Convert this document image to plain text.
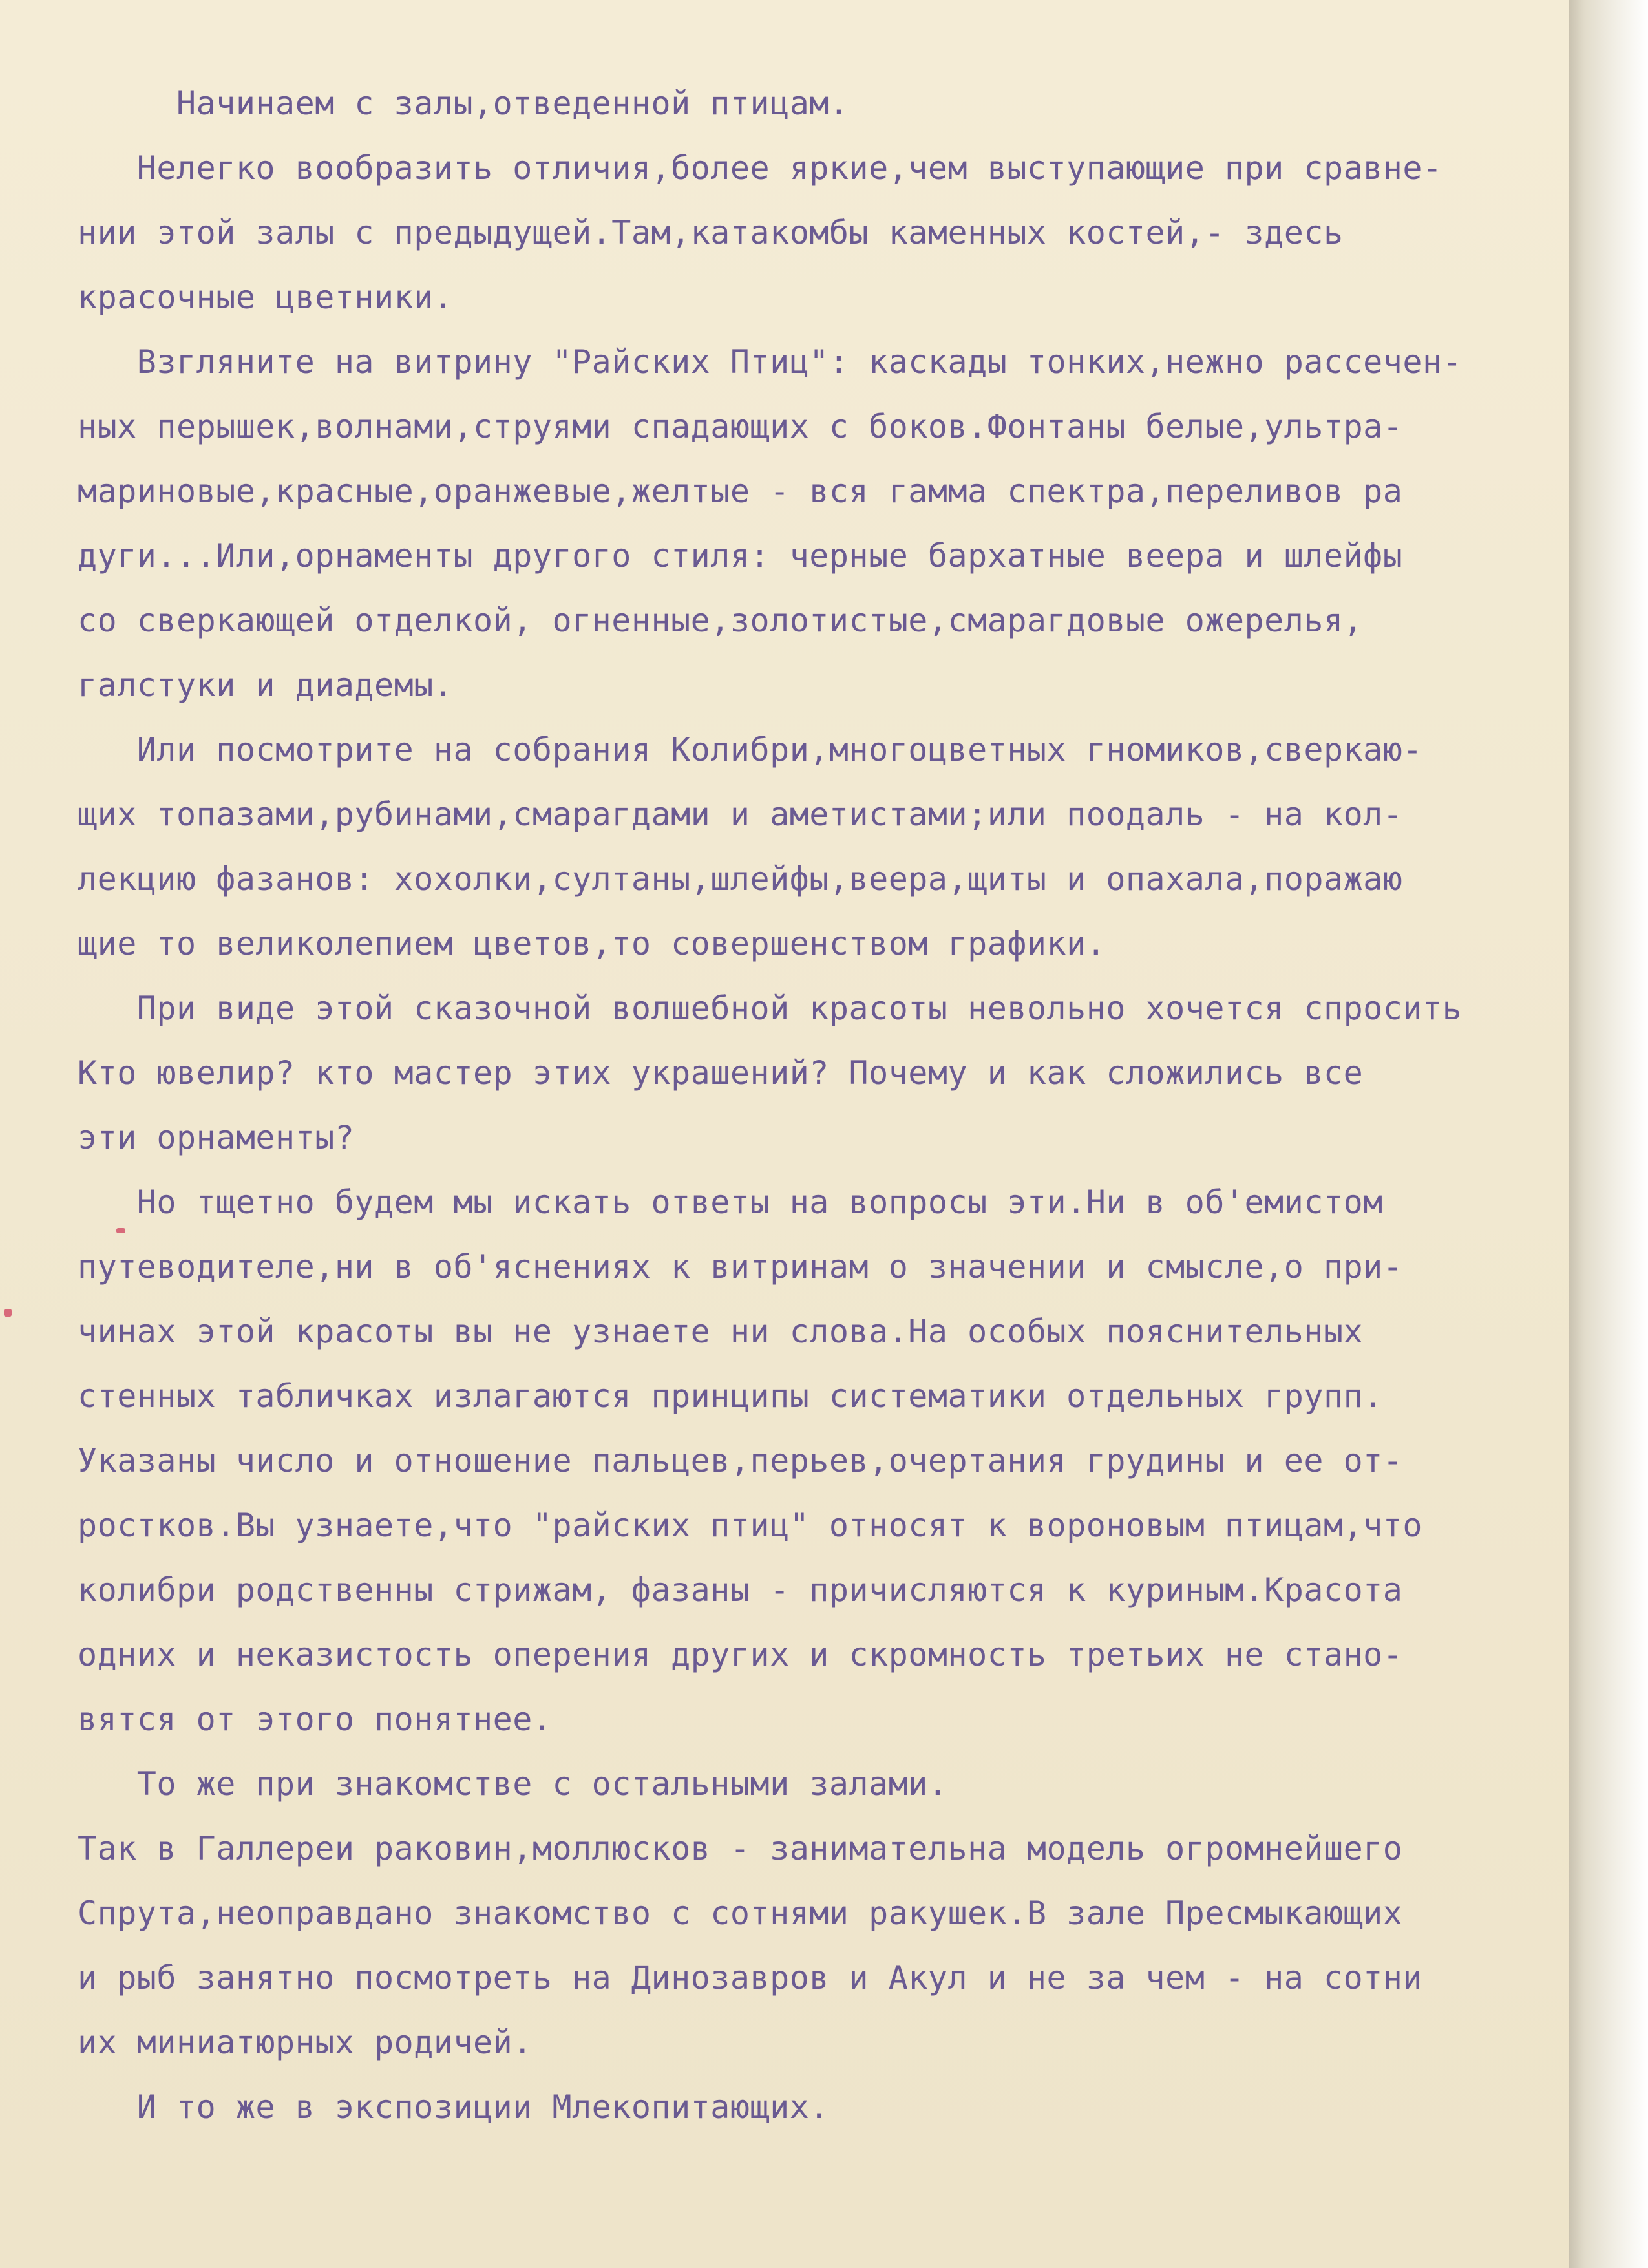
Начинаем с залы,отведенной птицам.
Нелегко вообразить отличия,более яркие,чем выступающие при сравне-
нии этой залы с предыдущей.Там,катакомбы каменных костей,- здесь
красочные цветники.
Взгляните на витрину "Райских Птиц": каскады тонких,нежно рассечен-
ных перышек,волнами,струями спадающих с боков.Фонтаны белые,ультра-
мариновые,красные,оранжевые,желтые - вся гамма спектра,переливов ра
дуги...Или,орнаменты другого стиля: черные бархатные веера и шлейфы
со сверкающей отделкой, огненные,золотистые,смарагдовые ожерелья,
галстуки и диадемы.
Или посмотрите на собрания Колибри,многоцветных гномиков,сверкаю-
щих топазами,рубинами,смарагдами и аметистами;или поодаль - на кол-
лекцию фазанов: хохолки,султаны,шлейфы,веера,щиты и опахала,поражаю
щие то великолепием цветов,то совершенством графики.
При виде этой сказочной волшебной красоты невольно хочется спросить
Кто ювелир? кто мастер этих украшений? Почему и как сложились все
эти орнаменты?
Но тщетно будем мы искать ответы на вопросы эти.Ни в об'емистом
путеводителе,ни в об'яснениях к витринам о значении и смысле,о при-
чинах этой красоты вы не узнаете ни слова.На особых пояснительных
стенных табличках излагаются принципы систематики отдельных групп.
Указаны число и отношение пальцев,перьев,очертания грудины и ее от-
ростков.Вы узнаете,что "райских птиц" относят к вороновым птицам,что
колибри родственны стрижам, фазаны - причисляются к куриным.Красота
одних и неказистость оперения других и скромность третьих не стано-
вятся от этого понятнее.
То же при знакомстве с остальными залами.
Так в Галлереи раковин,моллюсков - занимательна модель огромнейшего
Спрута,неоправдано знакомство с сотнями ракушек.В зале Пресмыкающих
и рыб занятно посмотреть на Динозавров и Акул и не за чем - на сотни
их миниатюрных родичей.
И то же в экспозиции Млекопитающих.
